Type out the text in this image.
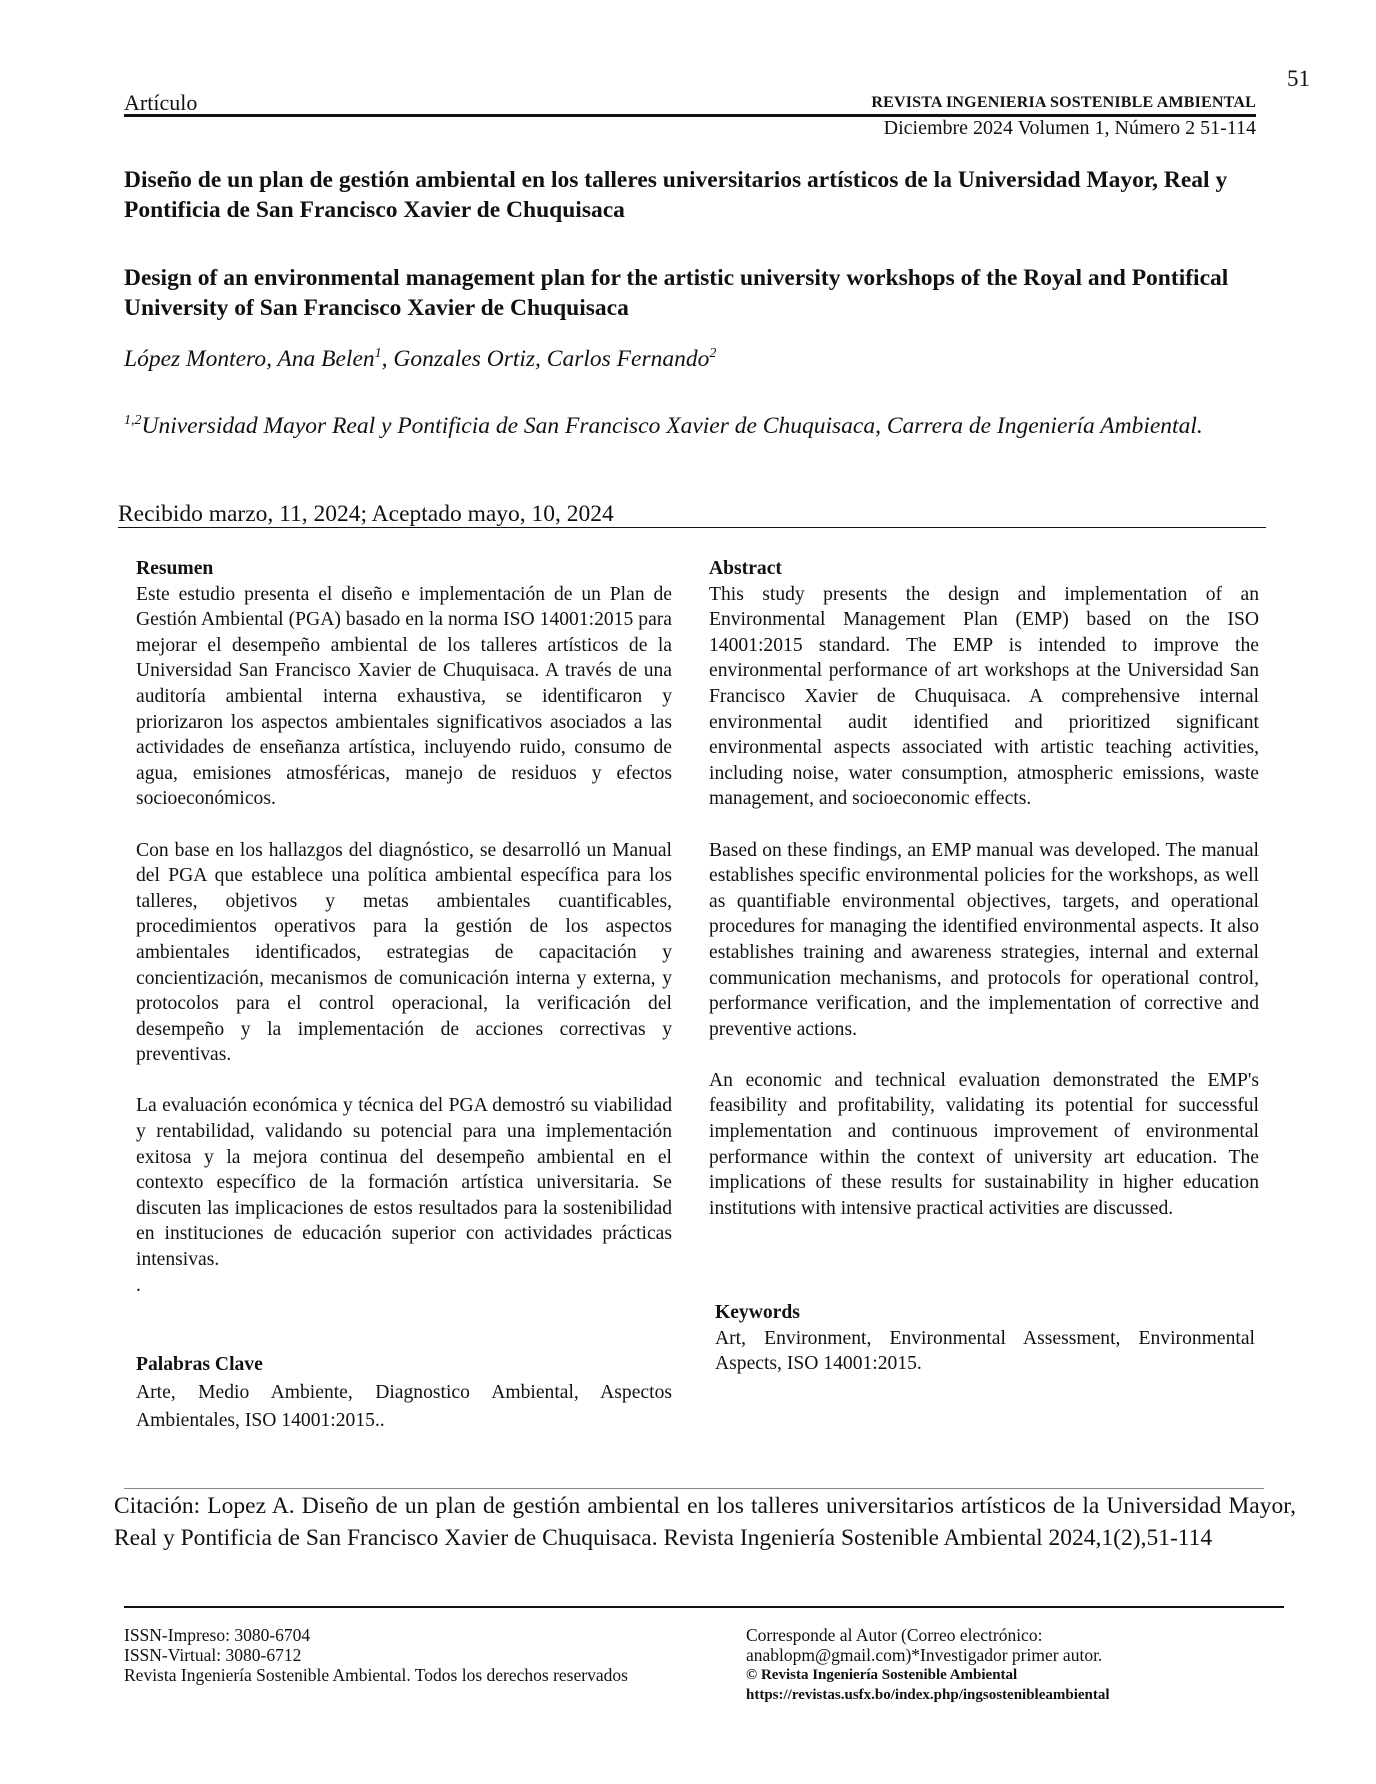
51
Artículo	REVISTA INGENIERIA SOSTENIBLE AMBIENTAL
Diciembre 2024 Volumen 1, Número 2 51-114
Diseño de un plan de gestión ambiental en los talleres universitarios artísticos de la Universidad Mayor, Real y Pontificia de San Francisco Xavier de Chuquisaca
Design of an environmental management plan for the artistic university workshops of the Royal and Pontifical University of San Francisco Xavier de Chuquisaca
López Montero, Ana Belen$^1$, Gonzales Ortiz, Carlos Fernando$^2$
$^{1,2}$Universidad Mayor Real y Pontificia de San Francisco Xavier de Chuquisaca, Carrera de Ingeniería Ambiental.
Recibido marzo, 11, 2024; Aceptado mayo, 10, 2024
Resumen

Este estudio presenta el diseño e implementación de un Plan de Gestión Ambiental (PGA) basado en la norma ISO 14001:2015 para mejorar el desempeño ambiental de los talleres artísticos de la Universidad San Francisco Xavier de Chuquisaca. A través de una auditoría ambiental interna exhaustiva, se identificaron y priorizaron los aspectos ambientales significativos asociados a las actividades de enseñanza artística, incluyendo ruido, consumo de agua, emisiones atmosféricas, manejo de residuos y efectos socioeconómicos.

Con base en los hallazgos del diagnóstico, se desarrolló un Manual del PGA que establece una política ambiental específica para los talleres, objetivos y metas ambientales cuantificables, procedimientos operativos para la gestión de los aspectos ambientales identificados, estrategias de capacitación y concientización, mecanismos de comunicación interna y externa, y protocolos para el control operacional, la verificación del desempeño y la implementación de acciones correctivas y preventivas.

La evaluación económica y técnica del PGA demostró su viabilidad y rentabilidad, validando su potencial para una implementación exitosa y la mejora continua del desempeño ambiental en el contexto específico de la formación artística universitaria. Se discuten las implicaciones de estos resultados para la sostenibilidad en instituciones de educación superior con actividades prácticas intensivas.

.

Palabras Clave

Arte, Medio Ambiente, Diagnostico Ambiental, Aspectos Ambientales, ISO 14001:2015..

Abstract

This study presents the design and implementation of an Environmental Management Plan (EMP) based on the ISO 14001:2015 standard. The EMP is intended to improve the environmental performance of art workshops at the Universidad San Francisco Xavier de Chuquisaca. A comprehensive internal environmental audit identified and prioritized significant environmental aspects associated with artistic teaching activities, including noise, water consumption, atmospheric emissions, waste management, and socioeconomic effects.

Based on these findings, an EMP manual was developed. The manual establishes specific environmental policies for the workshops, as well as quantifiable environmental objectives, targets, and operational procedures for managing the identified environmental aspects. It also establishes training and awareness strategies, internal and external communication mechanisms, and protocols for operational control, performance verification, and the implementation of corrective and preventive actions.

An economic and technical evaluation demonstrated the EMP's feasibility and profitability, validating its potential for successful implementation and continuous improvement of environmental performance within the context of university art education. The implications of these results for sustainability in higher education institutions with intensive practical activities are discussed.

Keywords

Art, Environment, Environmental Assessment, Environmental Aspects, ISO 14001:2015.

Citación: Lopez A. Diseño de un plan de gestión ambiental en los talleres universitarios artísticos de la Universidad Mayor, Real y Pontificia de San Francisco Xavier de Chuquisaca. Revista Ingeniería Sostenible Ambiental 2024,1(2),51-114
ISSN-Impreso: 3080-6704
ISSN-Virtual: 3080-6712
Revista Ingeniería Sostenible Ambiental. Todos los derechos reservados
Corresponde al Autor (Correo electrónico:
anablopm@gmail.com)*Investigador primer autor.
© Revista Ingeniería Sostenible Ambiental
https://revistas.usfx.bo/index.php/ingsostenibleambiental
